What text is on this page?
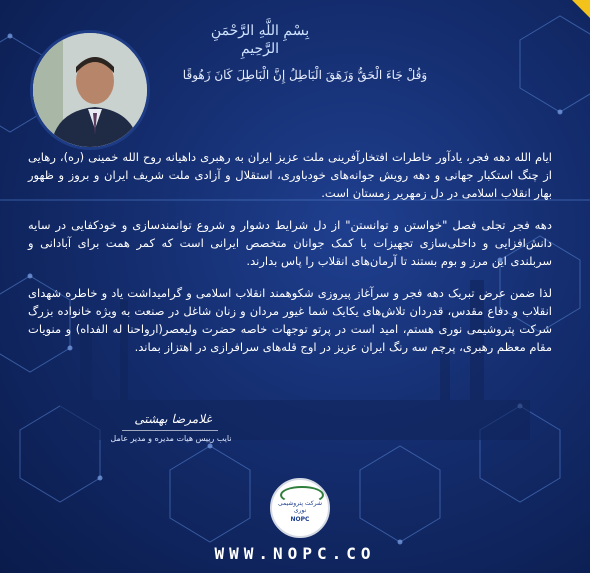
بِسْمِ اللَّهِ الرَّحْمَنِ الرَّحِيمِ
وَقُلْ جَاءَ الْحَقُّ وَزَهَقَ الْبَاطِلُ إِنَّ الْبَاطِلَ كَانَ زَهُوقًا

ایام الله دهه فجر، یادآور خاطرات افتخارآفرینی ملت عزیز ایران به رهبری داهیانه روح الله خمینی (ره)، رهایی از چنگ استکبار جهانی و دهه رویش جوانه‌های خودباوری، استقلال و آزادی ملت شریف ایران و بروز و ظهور بهار انقلاب اسلامی در دل زمهریر زمستان است.

دهه فجر تجلی فصل "خواستن و توانستن" از دل شرایط دشوار و شروع توانمندسازی و خودکفایی در سایه دانش‌افزایی و داخلی‌سازی تجهیزات با کمک جوانان متخصص ایرانی است که کمر همت برای آبادانی و سربلندی این مرز و بوم بستند تا آرمان‌های انقلاب را پاس بدارند.

لذا ضمن عرض تبریک دهه فجر و سرآغاز پیروزی شکوهمند انقلاب اسلامی و گرامیداشت یاد و خاطره شهدای انقلاب و دفاع مقدس، قدردان تلاش‌های یکایک شما غیور مردان و زنان شاغل در صنعت به ویژه خانواده بزرگ شرکت پتروشیمی نوری هستم، امید است در پرتو توجهات خاصه حضرت ولیعصر(ارواحنا له الفداه) و منویات مقام معظم رهبری، پرچم سه رنگ ایران عزیز در اوج قله‌های سرافرازی در اهتزاز بماند.

غلامرضا بهشتی
نایب رییس هیات مدیره و مدیر عامل
شرکت پتروشیمی نوری
NOPC
WWW.NOPC.CO
